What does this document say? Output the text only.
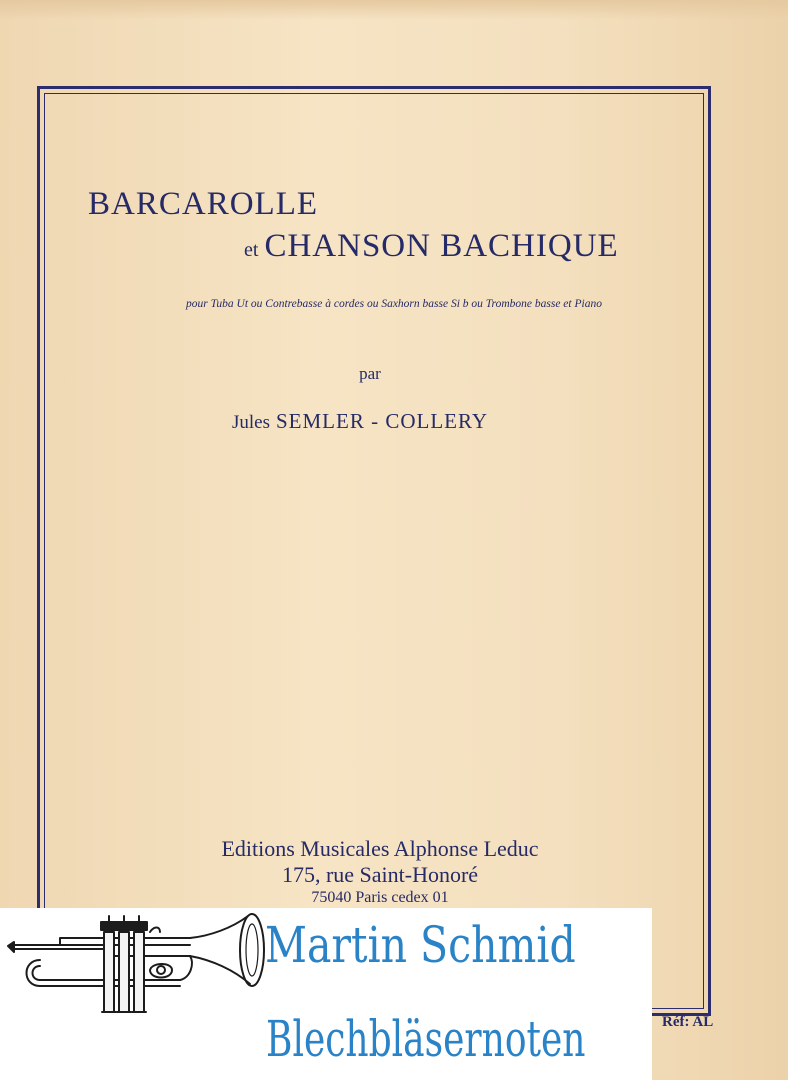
BARCAROLLE
et CHANSON BACHIQUE
pour Tuba Ut ou Contrebasse à cordes ou Saxhorn basse Si b ou Trombone basse et Piano
par
Jules SEMLER - COLLERY
Editions Musicales Alphonse Leduc
175, rue Saint-Honoré
75040 Paris cedex 01
Réf: AL
Martin Schmid
Blechbläsernoten
